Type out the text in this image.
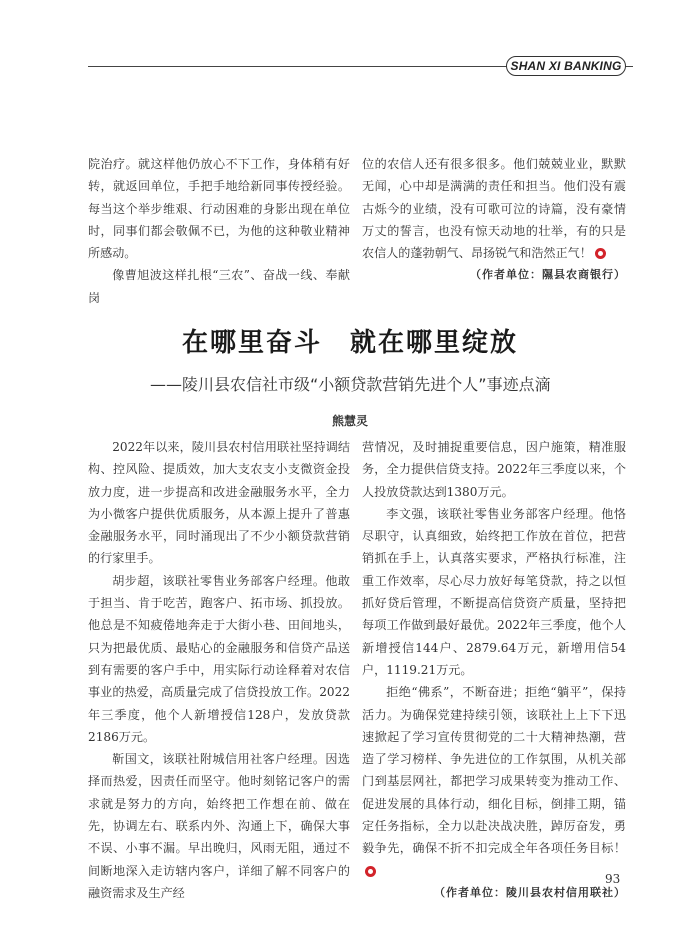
SHAN XI BANKING

院治疗。就这样他仍放心不下工作，身体稍有好转，就返回单位，手把手地给新同事传授经验。每当这个举步维艰、行动困难的身影出现在单位时，同事们都会敬佩不已，为他的这种敬业精神所感动。

像曹旭波这样扎根“三农”、奋战一线、奉献岗

位的农信人还有很多很多。他们兢兢业业，默默无闻，心中却是满满的责任和担当。他们没有震古烁今的业绩，没有可歌可泣的诗篇，没有豪情万丈的誓言，也没有惊天动地的壮举，有的只是农信人的蓬勃朝气、昂扬锐气和浩然正气！

（作者单位：隰县农商银行）
在哪里奋斗　就在哪里绽放
——陵川县农信社市级“小额贷款营销先进个人”事迹点滴
熊慧灵

2022年以来，陵川县农村信用联社坚持调结构、控风险、提质效，加大支农支小支微资金投放力度，进一步提高和改进金融服务水平，全力为小微客户提供优质服务，从本源上提升了普惠金融服务水平，同时涌现出了不少小额贷款营销的行家里手。

胡步超，该联社零售业务部客户经理。他敢于担当、肯于吃苦，跑客户、拓市场、抓投放。他总是不知疲倦地奔走于大街小巷、田间地头，只为把最优质、最贴心的金融服务和信贷产品送到有需要的客户手中，用实际行动诠释着对农信事业的热爱，高质量完成了信贷投放工作。2022年三季度，他个人新增授信128户，发放贷款2186万元。

靳国文，该联社附城信用社客户经理。因选择而热爱，因责任而坚守。他时刻铭记客户的需求就是努力的方向，始终把工作想在前、做在先，协调左右、联系内外、沟通上下，确保大事不误、小事不漏。早出晚归，风雨无阻，通过不间断地深入走访辖内客户，详细了解不同客户的融资需求及生产经

营情况，及时捕捉重要信息，因户施策，精准服务，全力提供信贷支持。2022年三季度以来，个人投放贷款达到1380万元。

李文强，该联社零售业务部客户经理。他恪尽职守，认真细致，始终把工作放在首位，把营销抓在手上，认真落实要求，严格执行标准，注重工作效率，尽心尽力放好每笔贷款，持之以恒抓好贷后管理，不断提高信贷资产质量，坚持把每项工作做到最好最优。2022年三季度，他个人新增授信144户、2879.64万元，新增用信54户，1119.21万元。

拒绝“佛系”，不断奋进；拒绝“躺平”，保持活力。为确保党建持续引领，该联社上上下下迅速掀起了学习宣传贯彻党的二十大精神热潮，营造了学习榜样、争先进位的工作氛围，从机关部门到基层网社，都把学习成果转变为推动工作、促进发展的具体行动，细化目标，倒排工期，锚定任务指标，全力以赴决战决胜，踔厉奋发，勇毅争先，确保不折不扣完成全年各项任务目标！

（作者单位：陵川县农村信用联社）
93
